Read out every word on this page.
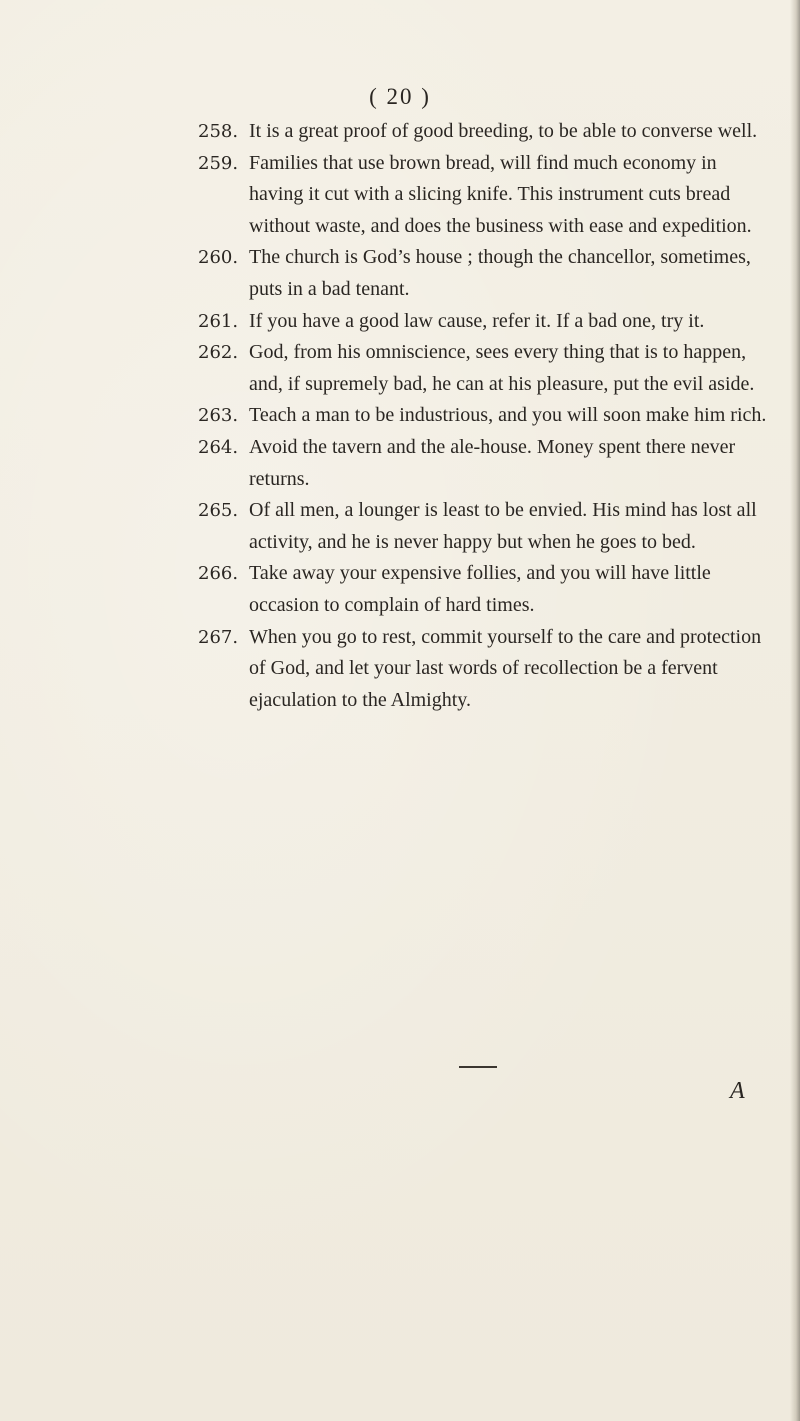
( 20 )
258. It is a great proof of good breeding, to be able to converse well.
259. Families that use brown bread, will find much economy in having it cut with a slicing knife. This instrument cuts bread without waste, and does the business with ease and expedition.
260. The church is God’s house ; though the chancellor, sometimes, puts in a bad tenant.
261. If you have a good law cause, refer it. If a bad one, try it.
262. God, from his omniscience, sees every thing that is to happen, and, if supremely bad, he can at his pleasure, put the evil aside.
263. Teach a man to be industrious, and you will soon make him rich.
264. Avoid the tavern and the ale-house. Money spent there never returns.
265. Of all men, a lounger is least to be envied. His mind has lost all activity, and he is never happy but when he goes to bed.
266. Take away your expensive follies, and you will have little occasion to complain of hard times.
267. When you go to rest, commit yourself to the care and protection of God, and let your last words of recollection be a fervent ejaculation to the Almighty.
A
